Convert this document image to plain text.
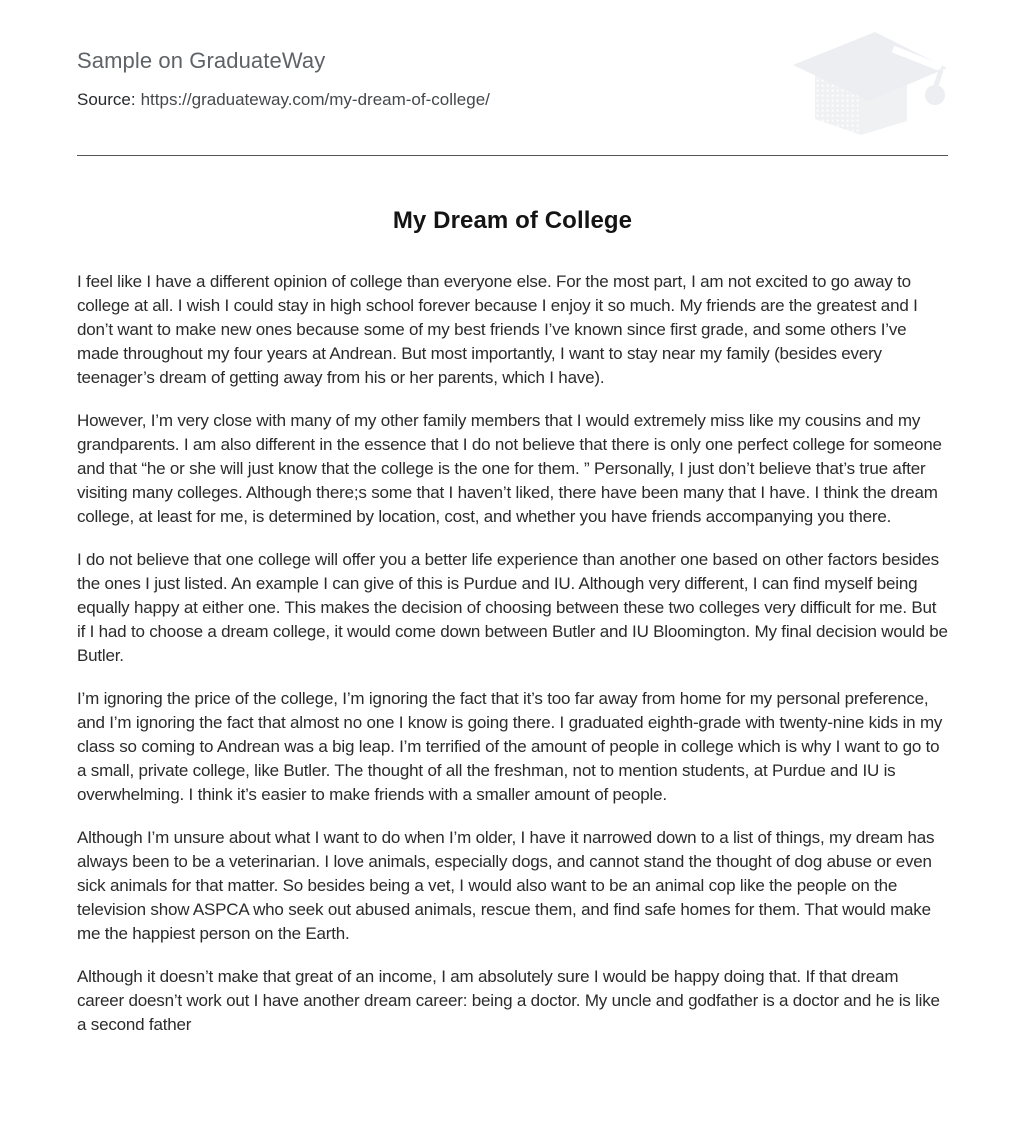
Sample on GraduateWay
Source: https://graduateway.com/my-dream-of-college/
My Dream of College

I feel like I have a different opinion of college than everyone else. For the most part, I am not excited to go away to college at all. I wish I could stay in high school forever because I enjoy it so much. My friends are the greatest and I don’t want to make new ones because some of my best friends I’ve known since first grade, and some others I’ve made throughout my four years at Andrean. But most importantly, I want to stay near my family (besides every teenager’s dream of getting away from his or her parents, which I have).

However, I’m very close with many of my other family members that I would extremely miss like my cousins and my grandparents. I am also different in the essence that I do not believe that there is only one perfect college for someone and that “he or she will just know that the college is the one for them. ” Personally, I just don’t believe that’s true after visiting many colleges. Although there;s some that I haven’t liked, there have been many that I have. I think the dream college, at least for me, is determined by location, cost, and whether you have friends accompanying you there.

I do not believe that one college will offer you a better life experience than another one based on other factors besides the ones I just listed. An example I can give of this is Purdue and IU. Although very different, I can find myself being equally happy at either one. This makes the decision of choosing between these two colleges very difficult for me. But if I had to choose a dream college, it would come down between Butler and IU Bloomington. My final decision would be Butler.

I’m ignoring the price of the college, I’m ignoring the fact that it’s too far away from home for my personal preference, and I’m ignoring the fact that almost no one I know is going there. I graduated eighth-grade with twenty-nine kids in my class so coming to Andrean was a big leap. I’m terrified of the amount of people in college which is why I want to go to a small, private college, like Butler. The thought of all the freshman, not to mention students, at Purdue and IU is overwhelming. I think it’s easier to make friends with a smaller amount of people.

Although I’m unsure about what I want to do when I’m older, I have it narrowed down to a list of things, my dream has always been to be a veterinarian. I love animals, especially dogs, and cannot stand the thought of dog abuse or even sick animals for that matter. So besides being a vet, I would also want to be an animal cop like the people on the television show ASPCA who seek out abused animals, rescue them, and find safe homes for them. That would make me the happiest person on the Earth.

Although it doesn’t make that great of an income, I am absolutely sure I would be happy doing that. If that dream career doesn’t work out I have another dream career: being a doctor. My uncle and godfather is a doctor and he is like a second father
